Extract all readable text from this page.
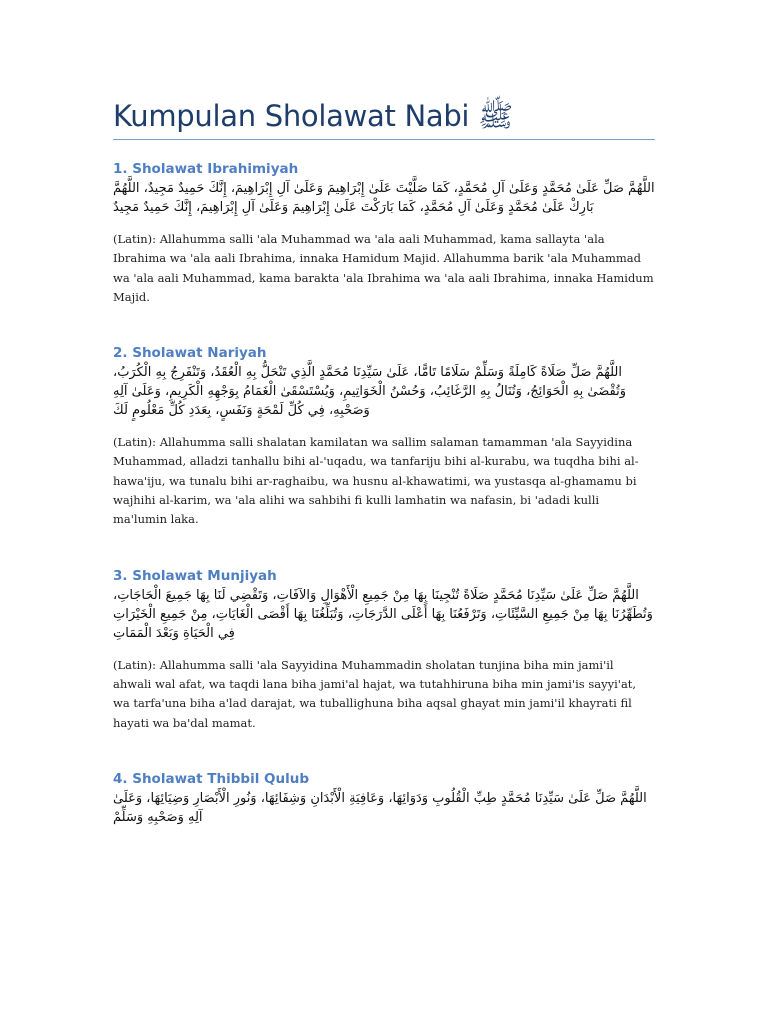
Kumpulan Sholawat Nabi ﷺ
1. Sholawat Ibrahimiyah

اللَّهُمَّ صَلِّ عَلَىٰ مُحَمَّدٍ وَعَلَىٰ آلِ مُحَمَّدٍ، كَمَا صَلَّيْتَ عَلَىٰ إِبْرَاهِيمَ وَعَلَىٰ آلِ إِبْرَاهِيمَ، إِنَّكَ حَمِيدٌ مَجِيدٌ، اللَّهُمَّ بَارِكْ عَلَىٰ مُحَمَّدٍ وَعَلَىٰ آلِ مُحَمَّدٍ، كَمَا بَارَكْتَ عَلَىٰ إِبْرَاهِيمَ وَعَلَىٰ آلِ إِبْرَاهِيمَ، إِنَّكَ حَمِيدٌ مَجِيدٌ

(Latin): Allahumma salli 'ala Muhammad wa 'ala aali Muhammad, kama sallayta 'ala Ibrahima wa 'ala aali Ibrahima, innaka Hamidum Majid. Allahumma barik 'ala Muhammad wa 'ala aali Muhammad, kama barakta 'ala Ibrahima wa 'ala aali Ibrahima, innaka Hamidum Majid.

2. Sholawat Nariyah

اللَّهُمَّ صَلِّ صَلَاةً كَامِلَةً وَسَلِّمْ سَلَامًا تَامًّا، عَلَىٰ سَيِّدِنَا مُحَمَّدٍ الَّذِي تَنْحَلُّ بِهِ الْعُقَدُ، وَتَنْفَرِجُ بِهِ الْكُرَبُ، وَتُقْضَىٰ بِهِ الْحَوَائِجُ، وَتُنَالُ بِهِ الرَّغَائِبُ، وَحُسْنُ الْخَوَاتِيمِ، وَيُسْتَسْقَىٰ الْغَمَامُ بِوَجْهِهِ الْكَرِيمِ، وَعَلَىٰ آلِهِ وَصَحْبِهِ، فِي كُلِّ لَمْحَةٍ وَنَفَسٍ، بِعَدَدِ كُلِّ مَعْلُومٍ لَكَ

(Latin): Allahumma salli shalatan kamilatan wa sallim salaman tamamman 'ala Sayyidina Muhammad, alladzi tanhallu bihi al-'uqadu, wa tanfariju bihi al-kurabu, wa tuqdha bihi al-hawa'iju, wa tunalu bihi ar-raghaibu, wa husnu al-khawatimi, wa yustasqa al-ghamamu bi wajhihi al-karim, wa 'ala alihi wa sahbihi fi kulli lamhatin wa nafasin, bi 'adadi kulli ma'lumin laka.

3. Sholawat Munjiyah

اللَّهُمَّ صَلِّ عَلَىٰ سَيِّدِنَا مُحَمَّدٍ صَلَاةً تُنْجِينَا بِهَا مِنْ جَمِيعِ الْأَهْوَالِ وَالآفَاتِ، وَتَقْضِي لَنَا بِهَا جَمِيعَ الْحَاجَاتِ، وَتُطَهِّرُنَا بِهَا مِنْ جَمِيعِ السَّيِّئَاتِ، وَتَرْفَعُنَا بِهَا أَعْلَى الدَّرَجَاتِ، وَتُبَلِّغُنَا بِهَا أَقْصَى الْغَايَاتِ، مِنْ جَمِيعِ الْخَيْرَاتِ فِي الْحَيَاةِ وَبَعْدَ الْمَمَاتِ

(Latin): Allahumma salli 'ala Sayyidina Muhammadin sholatan tunjina biha min jami'il ahwali wal afat, wa taqdi lana biha jami'al hajat, wa tutahhiruna biha min jami'is sayyi'at, wa tarfa'una biha a'lad darajat, wa tuballighuna biha aqsal ghayat min jami'il khayrati fil hayati wa ba'dal mamat.

4. Sholawat Thibbil Qulub

اللَّهُمَّ صَلِّ عَلَىٰ سَيِّدِنَا مُحَمَّدٍ طِبِّ الْقُلُوبِ وَدَوَائِهَا، وَعَافِيَةِ الْأَبْدَانِ وَشِفَائِهَا، وَنُورِ الْأَبْصَارِ وَضِيَائِهَا، وَعَلَىٰ آلِهِ وَصَحْبِهِ وَسَلِّمْ
